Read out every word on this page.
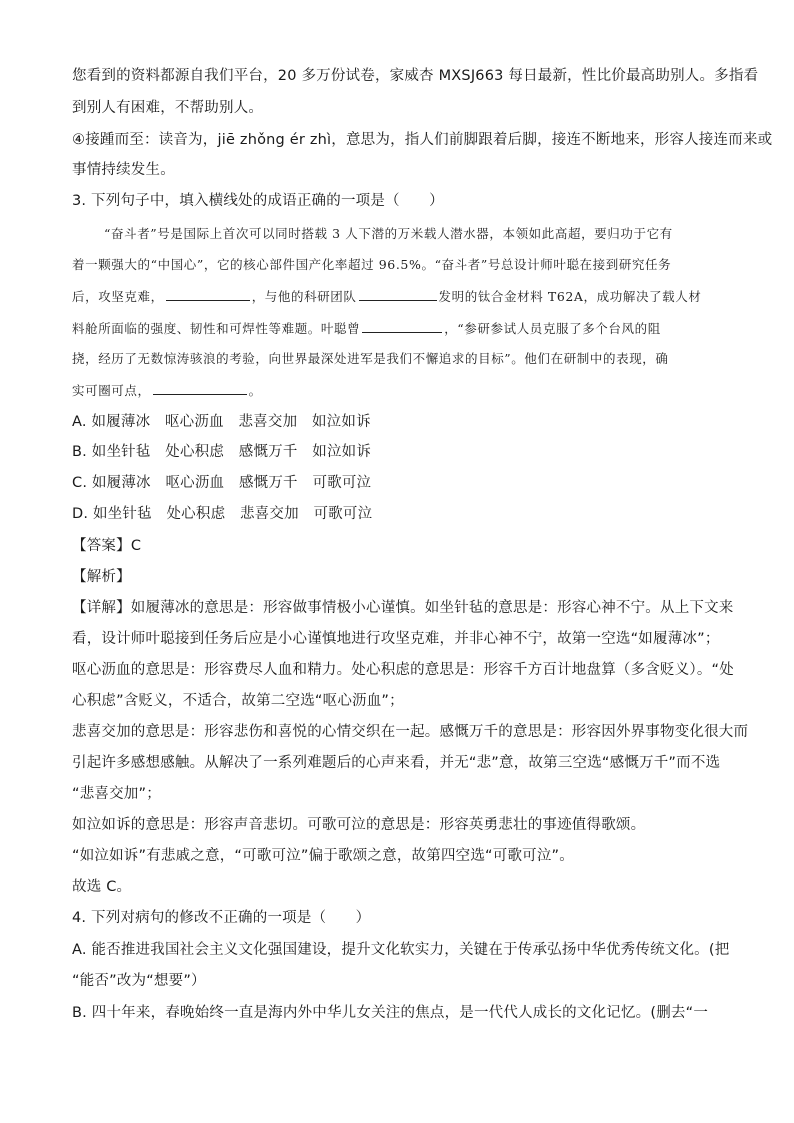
您看到的资料都源自我们平台，20 多万份试卷，家威杏 MXSJ663 每日最新，性比价最高助别人。多指看
到别人有困难，不帮助别人。
④接踵而至：读音为，jiē zhǒng ér zhì，意思为，指人们前脚跟着后脚，接连不断地来，形容人接连而来或
事情持续发生。
3. 下列句子中，填入横线处的成语正确的一项是（　　）
“奋斗者”号是国际上首次可以同时搭载 3 人下潜的万米载人潜水器，本领如此高超，要归功于它有
着一颗强大的“中国心”，它的核心部件国产化率超过 96.5%。“奋斗者”号总设计师叶聪在接到研究任务
后，攻坚克难，	，与他的科研团队	发明的钛合金材料 T62A，成功解决了载人材
料舱所面临的强度、韧性和可焊性等难题。叶聪曾	，“参研参试人员克服了多个台风的阻
挠，经历了无数惊涛骇浪的考验，向世界最深处进军是我们不懈追求的目标”。他们在研制中的表现，确
实可圈可点，	。
A. 如履薄冰　呕心沥血　悲喜交加　如泣如诉
B. 如坐针毡　处心积虑　感慨万千　如泣如诉
C. 如履薄冰　呕心沥血　感慨万千　可歌可泣
D. 如坐针毡　处心积虑　悲喜交加　可歌可泣
【答案】C
【解析】
【详解】如履薄冰的意思是：形容做事情极小心谨慎。如坐针毡的意思是：形容心神不宁。从上下文来
看，设计师叶聪接到任务后应是小心谨慎地进行攻坚克难，并非心神不宁，故第一空选“如履薄冰”；
呕心沥血的意思是：形容费尽人血和精力。处心积虑的意思是：形容千方百计地盘算（多含贬义）。“处
心积虑”含贬义，不适合，故第二空选“呕心沥血”；
悲喜交加的意思是：形容悲伤和喜悦的心情交织在一起。感慨万千的意思是：形容因外界事物变化很大而
引起许多感想感触。从解决了一系列难题后的心声来看，并无“悲”意，故第三空选“感慨万千”而不选
“悲喜交加”；
如泣如诉的意思是：形容声音悲切。可歌可泣的意思是：形容英勇悲壮的事迹值得歌颂。
“如泣如诉”有悲戚之意，“可歌可泣”偏于歌颂之意，故第四空选“可歌可泣”。
故选 C。
4. 下列对病句的修改不正确的一项是（　　）
A. 能否推进我国社会主义文化强国建设，提升文化软实力，关键在于传承弘扬中华优秀传统文化。(把
“能否”改为“想要”）
B. 四十年来，春晚始终一直是海内外中华儿女关注的焦点，是一代代人成长的文化记忆。(删去“一
